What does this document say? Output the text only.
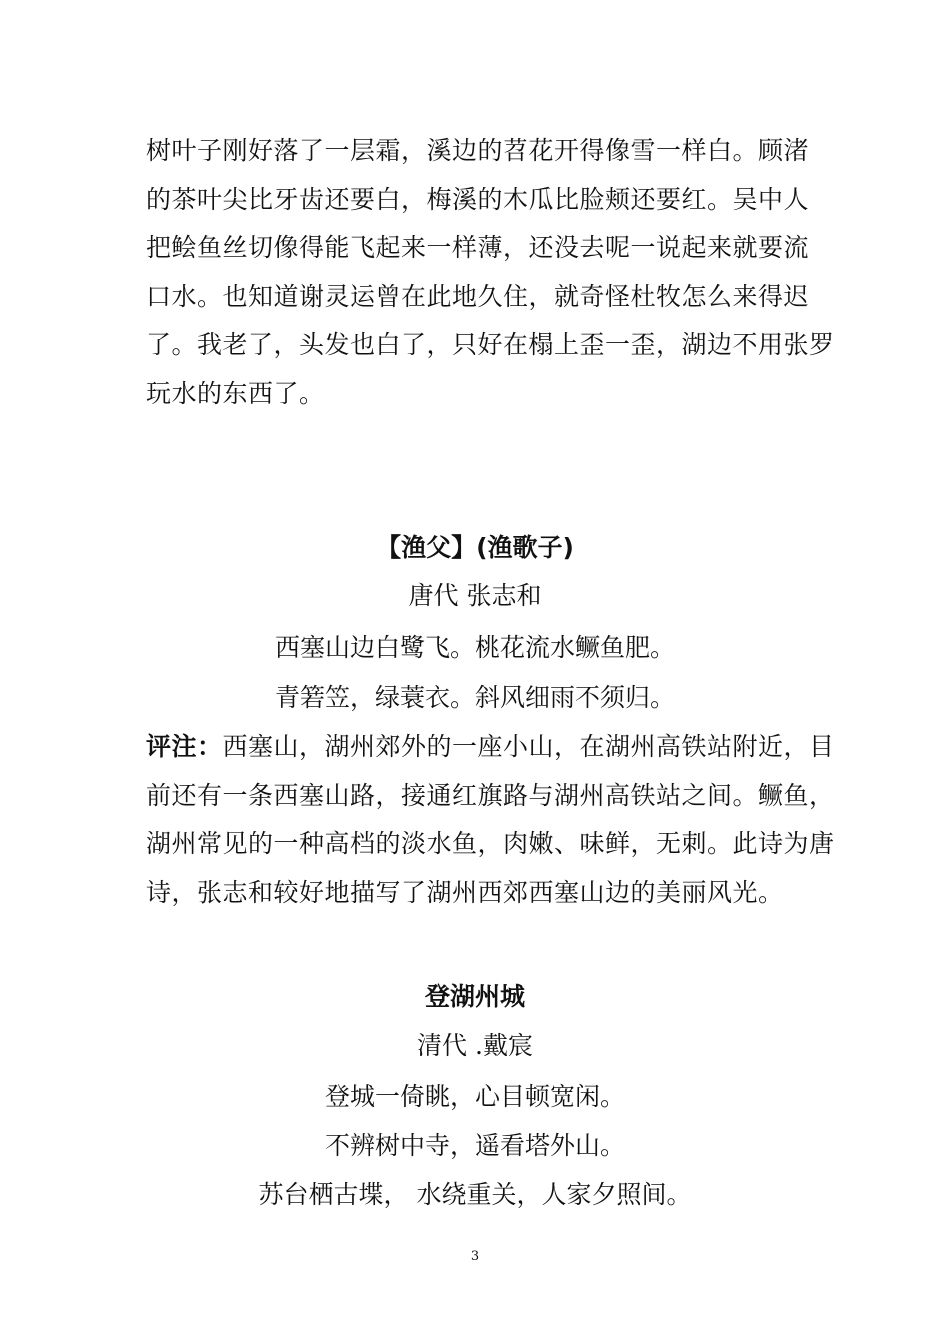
树叶子刚好落了一层霜，溪边的苕花开得像雪一样白。顾渚
的茶叶尖比牙齿还要白，梅溪的木瓜比脸颊还要红。吴中人
把鲙鱼丝切像得能飞起来一样薄，还没去呢一说起来就要流
口水。也知道谢灵运曾在此地久住，就奇怪杜牧怎么来得迟
了。我老了，头发也白了，只好在榻上歪一歪，湖边不用张罗
玩水的东西了。
【渔父】(渔歌子)
唐代 张志和
西塞山边白鹭飞。桃花流水鳜鱼肥。
青箬笠，绿蓑衣。斜风细雨不须归。
评注：西塞山，湖州郊外的一座小山，在湖州高铁站附近，目
前还有一条西塞山路，接通红旗路与湖州高铁站之间。鳜鱼，
湖州常见的一种高档的淡水鱼，肉嫩、味鲜，无刺。此诗为唐
诗，张志和较好地描写了湖州西郊西塞山边的美丽风光。
登湖州城
清代 .戴宸
登城一倚眺，心目顿宽闲。
不辨树中寺，遥看塔外山。
苏台栖古堞， 水绕重关，人家夕照间。
3
